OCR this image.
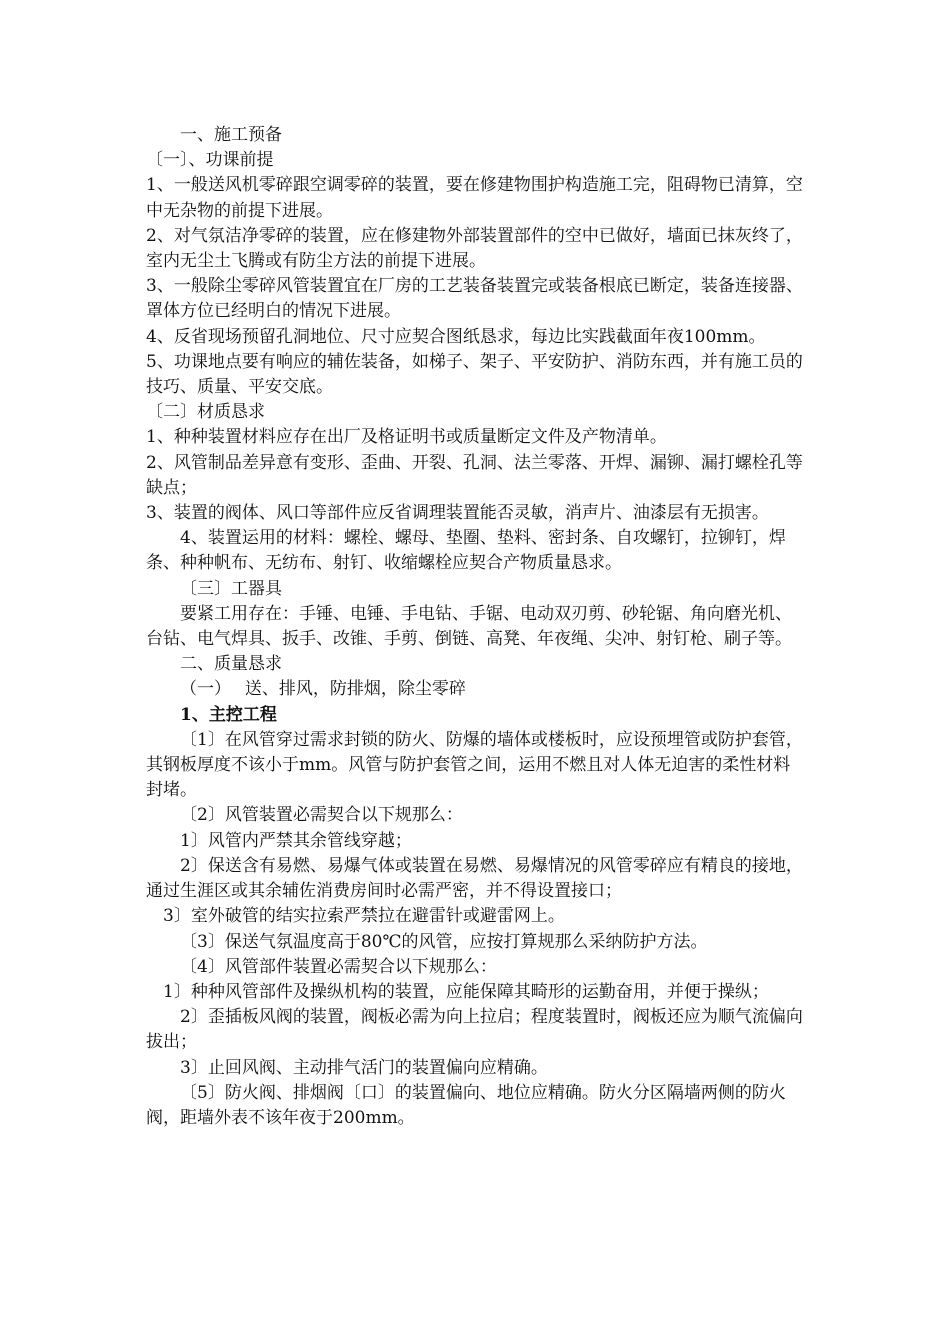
一、施工预备

〔一〕、功课前提

1、一般送风机零碎跟空调零碎的装置，要在修建物围护构造施工完，阻碍物已清算，空中无杂物的前提下进展。

2、对气氛洁净零碎的装置，应在修建物外部装置部件的空中已做好，墙面已抹灰终了，室内无尘土飞腾或有防尘方法的前提下进展。

3、一般除尘零碎风管装置宜在厂房的工艺装备装置完或装备根底已断定，装备连接器、罩体方位已经明白的情况下进展。

4、反省现场预留孔洞地位、尺寸应契合图纸恳求，每边比实践截面年夜100mm。

5、功课地点要有响应的辅佐装备，如梯子、架子、平安防护、消防东西，并有施工员的技巧、质量、平安交底。

〔二〕材质恳求

1、种种装置材料应存在出厂及格证明书或质量断定文件及产物清单。

2、风管制品差异意有变形、歪曲、开裂、孔洞、法兰零落、开焊、漏铆、漏打螺栓孔等缺点；

3、装置的阀体、风口等部件应反省调理装置能否灵敏，消声片、油漆层有无损害。

4、装置运用的材料：螺栓、螺母、垫圈、垫料、密封条、自攻螺钉，拉铆钉，焊条、种种帆布、无纺布、射钉、收缩螺栓应契合产物质量恳求。

〔三〕工器具

要紧工用存在：手锤、电锤、手电钻、手锯、电动双刃剪、砂轮锯、角向磨光机、台钻、电气焊具、扳手、改锥、手剪、倒链、高凳、年夜绳、尖冲、射钉枪、刷子等。

二、质量恳求

（一）　 送、排风，防排烟，除尘零碎

1、主控工程

〔1〕在风管穿过需求封锁的防火、防爆的墙体或楼板时，应设预埋管或防护套管，其钢板厚度不该小于mm。风管与防护套管之间，运用不燃且对人体无迫害的柔性材料封堵。

〔2〕风管装置必需契合以下规那么：

1〕风管内严禁其余管线穿越；

2〕保送含有易燃、易爆气体或装置在易燃、易爆情况的风管零碎应有精良的接地，通过生涯区或其余辅佐消费房间时必需严密，并不得设置接口；

3〕室外破管的结实拉索严禁拉在避雷针或避雷网上。

〔3〕保送气氛温度高于80℃的风管，应按打算规那么采纳防护方法。

〔4〕风管部件装置必需契合以下规那么：

1〕种种风管部件及操纵机构的装置，应能保障其畸形的运勤奋用，并便于操纵；

2〕歪插板风阀的装置，阀板必需为向上拉启；程度装置时，阀板还应为顺气流偏向拔出；

3〕止回风阀、主动排气活门的装置偏向应精确。

〔5〕防火阀、排烟阀〔口〕的装置偏向、地位应精确。防火分区隔墙两侧的防火阀，距墙外表不该年夜于200mm。
